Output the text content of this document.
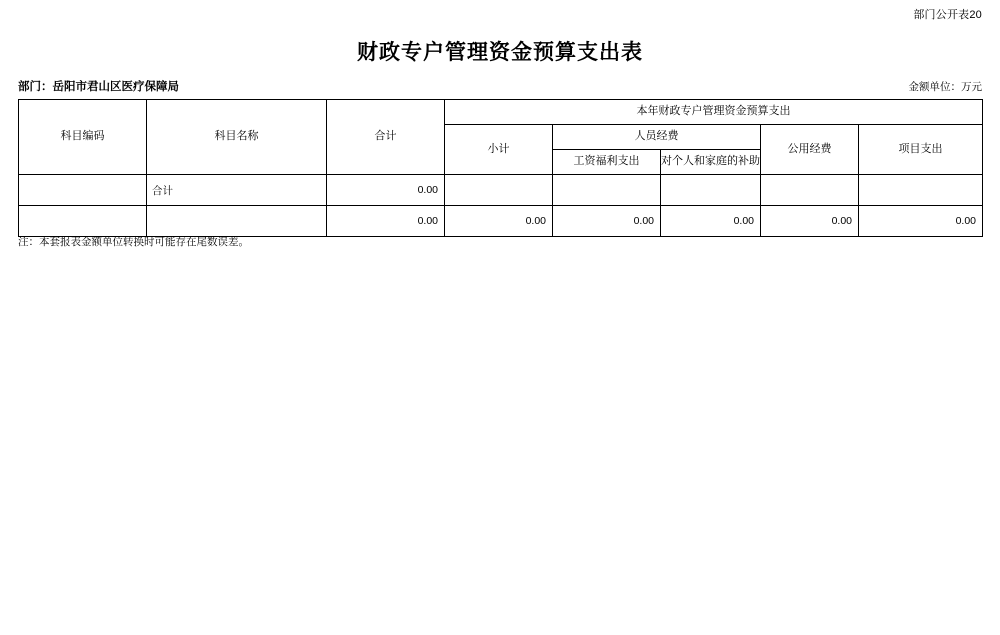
部门公开表20
财政专户管理资金预算支出表
部门：岳阳市君山区医疗保障局	金额单位：万元
科目编码	科目名称	合计	本年财政专户管理资金预算支出				
			小计	人员经费		公用经费	项目支出
				工资福利支出	对个人和家庭的补助		
	合计	0.00					
		0.00	0.00	0.00	0.00	0.00	0.00
注：本套报表金额单位转换时可能存在尾数误差。
